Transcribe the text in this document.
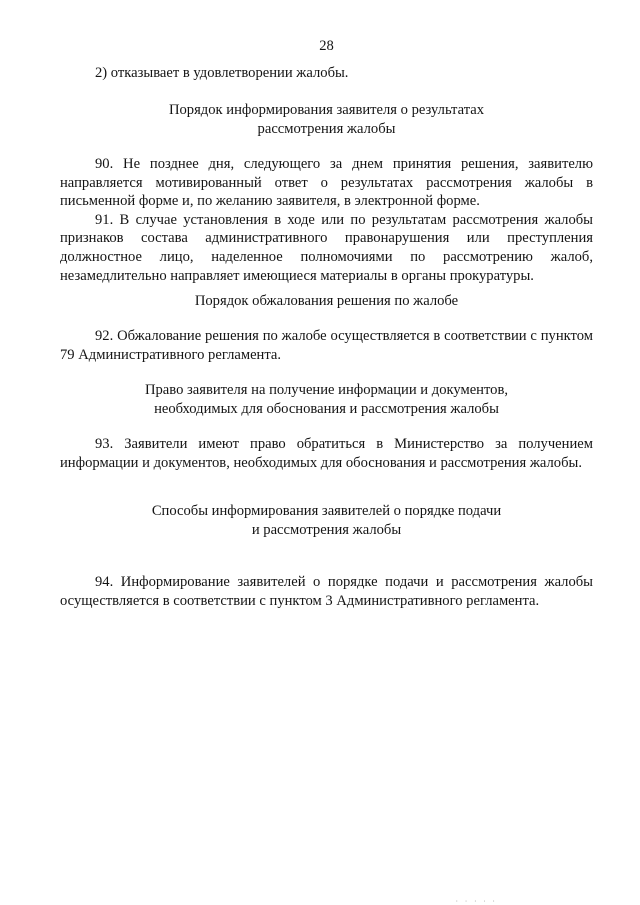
28

2) отказывает в удовлетворении жалобы.

Порядок информирования заявителя о результатах
рассмотрения жалобы

90. Не позднее дня, следующего за днем принятия решения, заявителю направляется мотивированный ответ о результатах рассмотрения жалобы в письменной форме и, по желанию заявителя, в электронной форме.

91. В случае установления в ходе или по результатам рассмотрения жалобы признаков состава административного правонарушения или преступления должностное лицо, наделенное полномочиями по рассмотрению жалоб, незамедлительно направляет имеющиеся материалы в органы прокуратуры.

Порядок обжалования решения по жалобе

92. Обжалование решения по жалобе осуществляется в соответствии с пунктом 79 Административного регламента.

Право заявителя на получение информации и документов,
необходимых для обоснования и рассмотрения жалобы

93. Заявители имеют право обратиться в Министерство за получением информации и документов, необходимых для обоснования и рассмотрения жалобы.

Способы информирования заявителей о порядке подачи
и рассмотрения жалобы

94. Информирование заявителей о порядке подачи и рассмотрения жалобы осуществляется в соответствии с пунктом 3 Административного регламента.

· · · · ·
